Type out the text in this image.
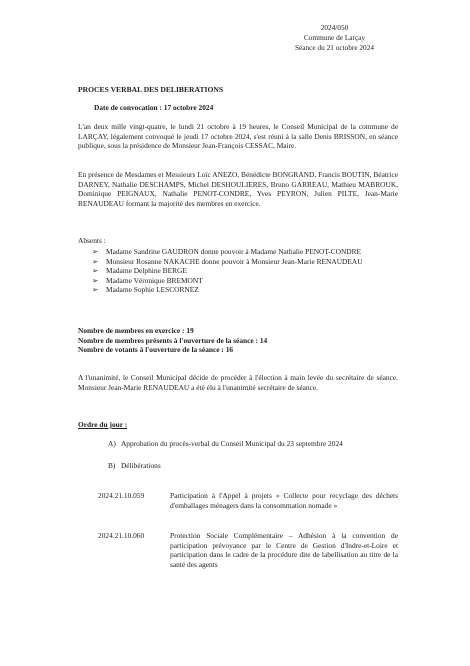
2024/050
Commune de Larçay
Séance du 21 octobre 2024
PROCES VERBAL DES DELIBERATIONS
Date de convocation : 17 octobre 2024
L'an deux mille vingt-quatre, le lundi 21 octobre à 19 heures, le Conseil Municipal de la commune de LARÇAY, légalement convoqué le jeudi 17 octobre 2024, s'est réuni à la salle Denis BRISSON, en séance publique, sous la présidence de Monsieur Jean-François CESSAC, Maire.
En présence de Mesdames et Messieurs Loïc ANEZO, Bénédicte BONGRAND, Francis BOUTIN, Béatrice DARNEY, Nathalie DESCHAMPS, Michel DESHOULIERES, Bruno GARREAU, Mathieu MABROUK, Dominique PEIGNAUX, Nathalie PENOT-CONDRE, Yves PEYRON, Julien PILTE, Jean-Marie RENAUDEAU formant la majorité des membres en exercice.
Absents :
➢	Madame Sandrine GAUDRON donne pouvoir à Madame Nathalie PENOT-CONDRE
➢	Monsieur Rosanne NAKACHE donne pouvoir à Monsieur Jean-Marie RENAUDEAU
➢	Madame Delphine BERGE
➢	Madame Véronique BREMONT
➢	Madame Sophie LESCORNEZ
Nombre de membres en exercice : 19
Nombre de membres présents à l'ouverture de la séance : 14
Nombre de votants à l'ouverture de la séance : 16
A l'unanimité, le Conseil Municipal décide de procéder à l'élection à main levée du secrétaire de séance. Monsieur Jean-Marie RENAUDEAU a été élu à l'unanimité secrétaire de séance.
Ordre du jour :
A) Approbation du procès-verbal du Conseil Municipal du 23 septembre 2024
B) Délibérations
2024.21.10.059	Participation à l'Appel à projets « Collecte pour recyclage des déchets d'emballages ménagers dans la consommation nomade »
2024.21.10.060	Protection Sociale Complémentaire – Adhésion à la convention de participation prévoyance par le Centre de Gestion d'Indre-et-Loire et participation dans le cadre de la procédure dite de labellisation au titre de la santé des agents
